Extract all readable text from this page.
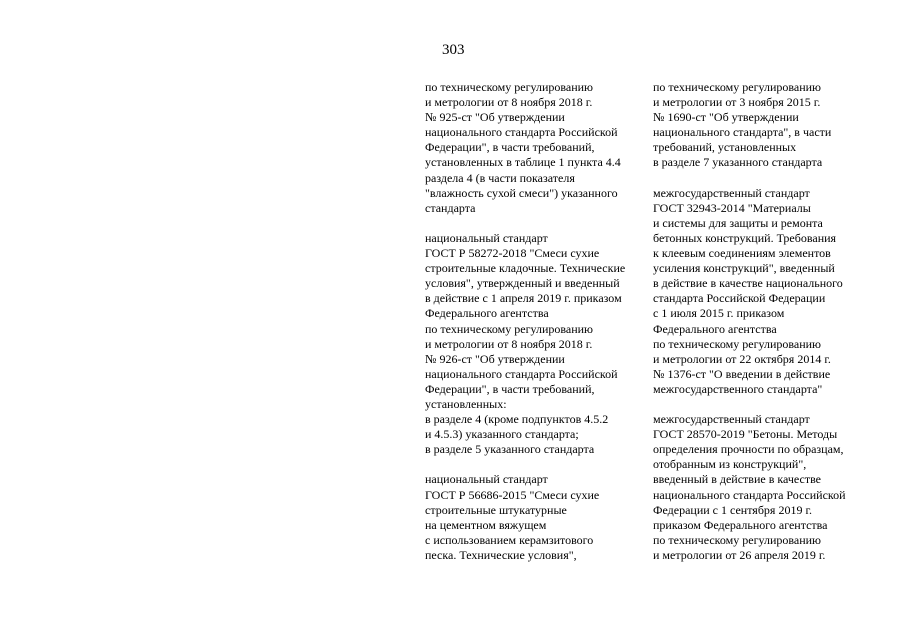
303
по техническому регулированию
и метрологии от 8 ноября 2018 г.
№ 925-ст "Об утверждении
национального стандарта Российской
Федерации", в части требований,
установленных в таблице 1 пункта 4.4
раздела 4 (в части показателя
"влажность сухой смеси") указанного
стандарта
национальный стандарт
ГОСТ Р 58272-2018 "Смеси сухие
строительные кладочные. Технические
условия", утвержденный и введенный
в действие с 1 апреля 2019 г. приказом
Федерального агентства
по техническому регулированию
и метрологии от 8 ноября 2018 г.
№ 926-ст "Об утверждении
национального стандарта Российской
Федерации", в части требований,
установленных:
в разделе 4 (кроме подпунктов 4.5.2
и 4.5.3) указанного стандарта;
в разделе 5 указанного стандарта
национальный стандарт
ГОСТ Р 56686-2015 "Смеси сухие
строительные штукатурные
на цементном вяжущем
с использованием керамзитового
песка. Технические условия",
по техническому регулированию
и метрологии от 3 ноября 2015 г.
№ 1690-ст "Об утверждении
национального стандарта", в части
требований, установленных
в разделе 7 указанного стандарта
межгосударственный стандарт
ГОСТ 32943-2014 "Материалы
и системы для защиты и ремонта
бетонных конструкций. Требования
к клеевым соединениям элементов
усиления конструкций", введенный
в действие в качестве национального
стандарта Российской Федерации
с 1 июля 2015 г. приказом
Федерального агентства
по техническому регулированию
и метрологии от 22 октября 2014 г.
№ 1376-ст "О введении в действие
межгосударственного стандарта"
межгосударственный стандарт
ГОСТ 28570-2019 "Бетоны. Методы
определения прочности по образцам,
отобранным из конструкций",
введенный в действие в качестве
национального стандарта Российской
Федерации с 1 сентября 2019 г.
приказом Федерального агентства
по техническому регулированию
и метрологии от 26 апреля 2019 г.
